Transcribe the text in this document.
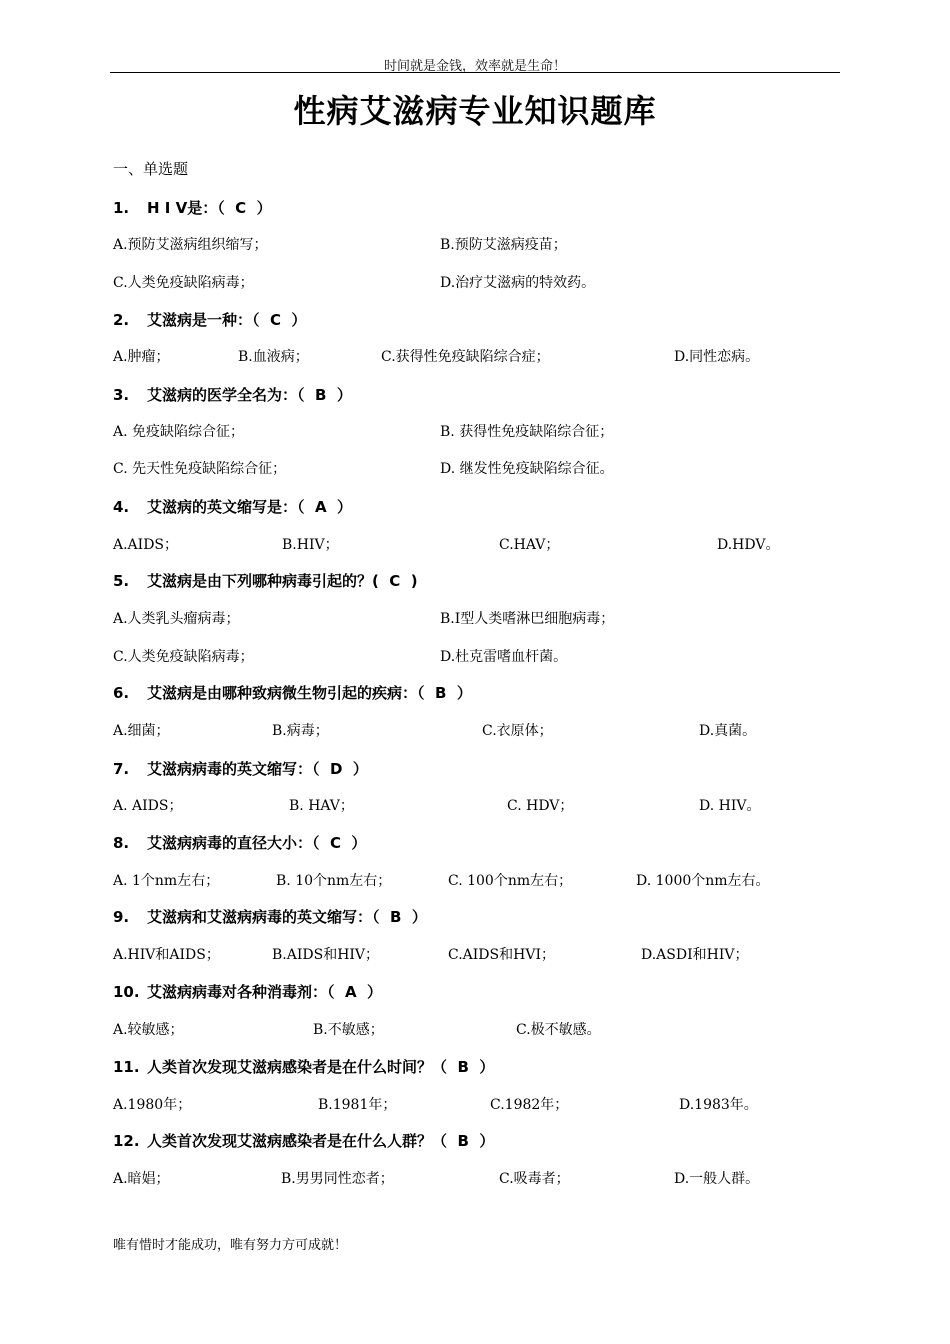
时间就是金钱，效率就是生命！
性病艾滋病专业知识题库
一、单选题
1. H I V是：（  C  ）
A.预防艾滋病组织缩写；	B.预防艾滋病疫苗；
C.人类免疫缺陷病毒；	D.治疗艾滋病的特效药。
2. 艾滋病是一种：（  C  ）
A.肿瘤；	B.血液病；	C.获得性免疫缺陷综合症；	D.同性恋病。
3. 艾滋病的医学全名为：（  B  ）
A. 免疫缺陷综合征；	B. 获得性免疫缺陷综合征；
C. 先天性免疫缺陷综合征；	D. 继发性免疫缺陷综合征。
4. 艾滋病的英文缩写是：（  A  ）
A.AIDS；	B.HIV；	C.HAV；	D.HDV。
5. 艾滋病是由下列哪种病毒引起的？(  C  )
A.人类乳头瘤病毒；	B.Ⅰ型人类嗜淋巴细胞病毒；
C.人类免疫缺陷病毒；	D.杜克雷嗜血杆菌。
6. 艾滋病是由哪种致病微生物引起的疾病：（  B  ）
A.细菌；	B.病毒；	C.衣原体；	D.真菌。
7. 艾滋病病毒的英文缩写：（  D  ）
A. AIDS；	B. HAV；	C. HDV；	D. HIV。
8. 艾滋病病毒的直径大小：（  C  ）
A. 1个nm左右；	B. 10个nm左右；	C. 100个nm左右；	D. 1000个nm左右。
9. 艾滋病和艾滋病病毒的英文缩写：（  B  ）
A.HIV和AIDS；	B.AIDS和HIV；	C.AIDS和HVI；	D.ASDI和HIV；
10. 艾滋病病毒对各种消毒剂：（  A  ）
A.较敏感；	B.不敏感；	C.极不敏感。
11. 人类首次发现艾滋病感染者是在什么时间？（  B  ）
A.1980年；	B.1981年；	C.1982年；	D.1983年。
12. 人类首次发现艾滋病感染者是在什么人群？（  B  ）
A.暗娼；	B.男男同性恋者；	C.吸毒者；	D.一般人群。
唯有惜时才能成功，唯有努力方可成就！
